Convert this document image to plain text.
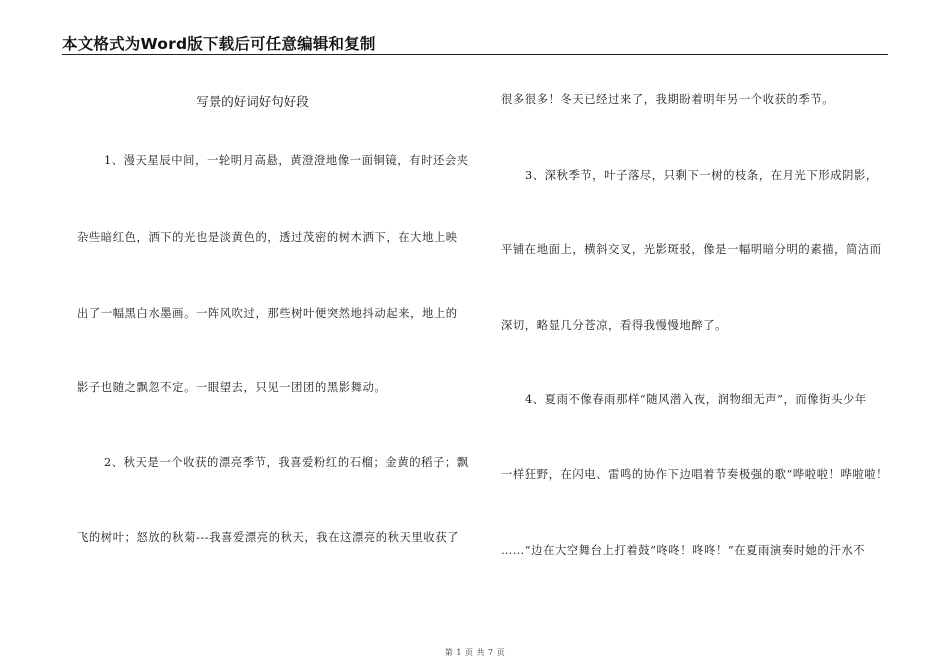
本文格式为Word版下载后可任意编辑和复制
写景的好词好句好段
1、漫天星辰中间，一轮明月高悬，黄澄澄地像一面铜镜，有时还会夹
杂些暗红色，洒下的光也是淡黄色的，透过茂密的树木洒下，在大地上映
出了一幅黑白水墨画。一阵风吹过，那些树叶便突然地抖动起来，地上的
影子也随之飘忽不定。一眼望去，只见一团团的黑影舞动。
2、秋天是一个收获的漂亮季节，我喜爱粉红的石榴；金黄的稻子；飘
飞的树叶；怒放的秋菊---我喜爱漂亮的秋天，我在这漂亮的秋天里收获了
很多很多！冬天已经过来了，我期盼着明年另一个收获的季节。
3、深秋季节，叶子落尽，只剩下一树的枝条，在月光下形成阴影，
平铺在地面上，横斜交叉，光影斑驳，像是一幅明暗分明的素描，简洁而
深切，略显几分苍凉，看得我慢慢地醉了。
4、夏雨不像春雨那样“随风潜入夜，润物细无声”，而像街头少年
一样狂野，在闪电、雷鸣的协作下边唱着节奏极强的歌“哗啦啦！哗啦啦！
……”边在大空舞台上打着鼓“咚咚！咚咚！”在夏雨演奏时她的汗水不
第 1 页 共 7 页
